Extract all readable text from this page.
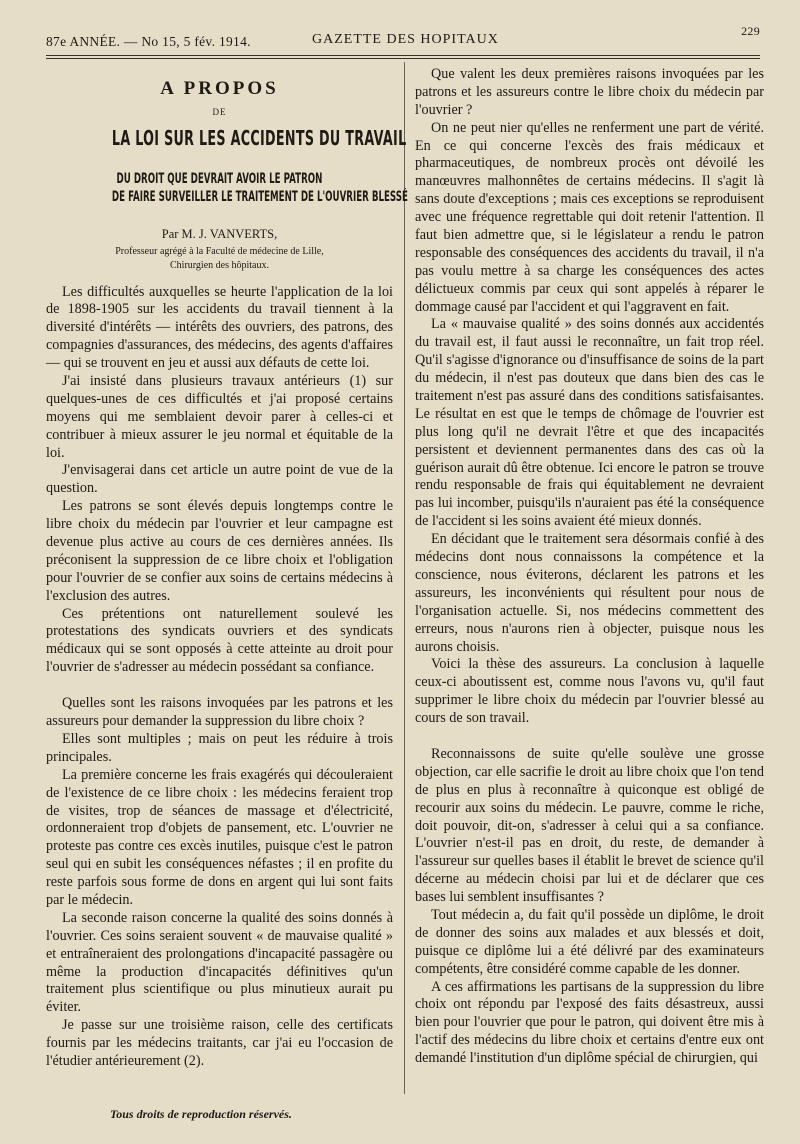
87e ANNÉE. — No 15, 5 fév. 1914.	GAZETTE DES HOPITAUX
229
A PROPOS
DE
LA LOI SUR LES ACCIDENTS DU TRAVAIL
DU DROIT QUE DEVRAIT AVOIR LE PATRON
DE FAIRE SURVEILLER LE TRAITEMENT DE L'OUVRIER BLESSÉ
Par M. J. VANVERTS,
Professeur agrégé à la Faculté de médecine de Lille,
Chirurgien des hôpitaux.

Les difficultés auxquelles se heurte l'application de la loi de 1898-1905 sur les accidents du travail tiennent à la diversité d'intérêts — intérêts des ouvriers, des patrons, des compagnies d'assurances, des médecins, des agents d'affaires — qui se trouvent en jeu et aussi aux défauts de cette loi.

J'ai insisté dans plusieurs travaux antérieurs (1) sur quelques-unes de ces difficultés et j'ai proposé certains moyens qui me semblaient devoir parer à celles-ci et contribuer à mieux assurer le jeu normal et équitable de la loi.

J'envisagerai dans cet article un autre point de vue de la question.

Les patrons se sont élevés depuis longtemps contre le libre choix du médecin par l'ouvrier et leur campagne est devenue plus active au cours de ces dernières années. Ils préconisent la suppression de ce libre choix et l'obligation pour l'ouvrier de se confier aux soins de certains médecins à l'exclusion des autres.

Ces prétentions ont naturellement soulevé les protestations des syndicats ouvriers et des syndicats médicaux qui se sont opposés à cette atteinte au droit pour l'ouvrier de s'adresser au médecin possédant sa confiance.

Quelles sont les raisons invoquées par les patrons et les assureurs pour demander la suppression du libre choix ?

Elles sont multiples ; mais on peut les réduire à trois principales.

La première concerne les frais exagérés qui découleraient de l'existence de ce libre choix : les médecins feraient trop de visites, trop de séances de massage et d'électricité, ordonneraient trop d'objets de pansement, etc. L'ouvrier ne proteste pas contre ces excès inutiles, puisque c'est le patron seul qui en subit les conséquences néfastes ; il en profite du reste parfois sous forme de dons en argent qui lui sont faits par le médecin.

La seconde raison concerne la qualité des soins donnés à l'ouvrier. Ces soins seraient souvent « de mauvaise qualité » et entraîneraient des prolongations d'incapacité passagère ou même la production d'incapacités définitives qu'un traitement plus scientifique ou plus minutieux aurait pu éviter.

Je passe sur une troisième raison, celle des certificats fournis par les médecins traitants, car j'ai eu l'occasion de l'étudier antérieurement (2).

Que valent les deux premières raisons invoquées par les patrons et les assureurs contre le libre choix du médecin par l'ouvrier ?

On ne peut nier qu'elles ne renferment une part de vérité. En ce qui concerne l'excès des frais médicaux et pharmaceutiques, de nombreux procès ont dévoilé les manœuvres malhonnêtes de certains médecins. Il s'agit là sans doute d'exceptions ; mais ces exceptions se reproduisent avec une fréquence regrettable qui doit retenir l'attention. Il faut bien admettre que, si le législateur a rendu le patron responsable des conséquences des accidents du travail, il n'a pas voulu mettre à sa charge les conséquences des actes délictueux commis par ceux qui sont appelés à réparer le dommage causé par l'accident et qui l'aggravent en fait.

La « mauvaise qualité » des soins donnés aux accidentés du travail est, il faut aussi le reconnaître, un fait trop réel. Qu'il s'agisse d'ignorance ou d'insuffisance de soins de la part du médecin, il n'est pas douteux que dans bien des cas le traitement n'est pas assuré dans des conditions satisfaisantes. Le résultat en est que le temps de chômage de l'ouvrier est plus long qu'il ne devrait l'être et que des incapacités persistent et deviennent permanentes dans des cas où la guérison aurait dû être obtenue. Ici encore le patron se trouve rendu responsable de frais qui équitablement ne devraient pas lui incomber, puisqu'ils n'auraient pas été la conséquence de l'accident si les soins avaient été mieux donnés.

En décidant que le traitement sera désormais confié à des médecins dont nous connaissons la compétence et la conscience, nous éviterons, déclarent les patrons et les assureurs, les inconvénients qui résultent pour nous de l'organisation actuelle. Si, nos médecins commettent des erreurs, nous n'aurons rien à objecter, puisque nous les aurons choisis.

Voici la thèse des assureurs. La conclusion à laquelle ceux-ci aboutissent est, comme nous l'avons vu, qu'il faut supprimer le libre choix du médecin par l'ouvrier blessé au cours de son travail.

Reconnaissons de suite qu'elle soulève une grosse objection, car elle sacrifie le droit au libre choix que l'on tend de plus en plus à reconnaître à quiconque est obligé de recourir aux soins du médecin. Le pauvre, comme le riche, doit pouvoir, dit-on, s'adresser à celui qui a sa confiance. L'ouvrier n'est-il pas en droit, du reste, de demander à l'assureur sur quelles bases il établit le brevet de science qu'il décerne au médecin choisi par lui et de déclarer que ces bases lui semblent insuffisantes ?

Tout médecin a, du fait qu'il possède un diplôme, le droit de donner des soins aux malades et aux blessés et doit, puisque ce diplôme lui a été délivré par des examinateurs compétents, être considéré comme capable de les donner.

A ces affirmations les partisans de la suppression du libre choix ont répondu par l'exposé des faits désastreux, aussi bien pour l'ouvrier que pour le patron, qui doivent être mis à l'actif des médecins du libre choix et certains d'entre eux ont demandé l'institution d'un diplôme spécial de chirurgien, qui

Tous droits de reproduction réservés.
